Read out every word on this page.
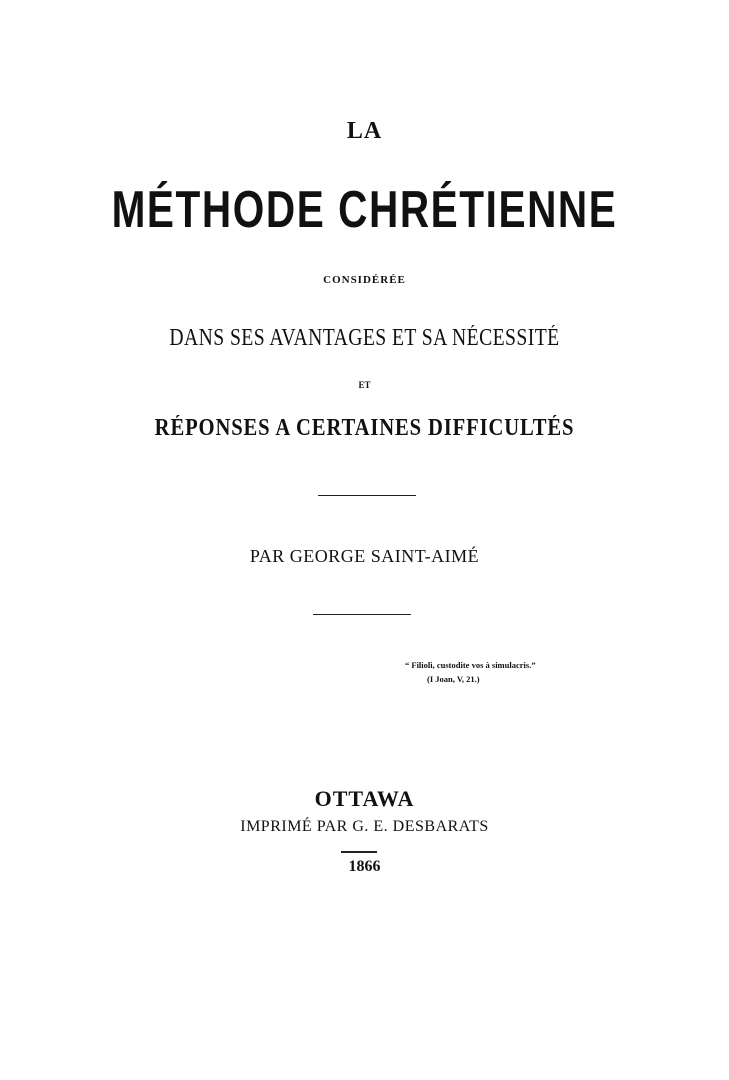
LA
MÉTHODE CHRÉTIENNE
CONSIDÉRÉE
DANS SES AVANTAGES ET SA NÉCESSITÉ
ET
RÉPONSES A CERTAINES DIFFICULTÉS
PAR GEORGE SAINT-AIMÉ
“ Filioli, custodite vos à simulacris.”
(I Joan, V, 21.)
OTTAWA
IMPRIMÉ PAR G. E. DESBARATS
1866
